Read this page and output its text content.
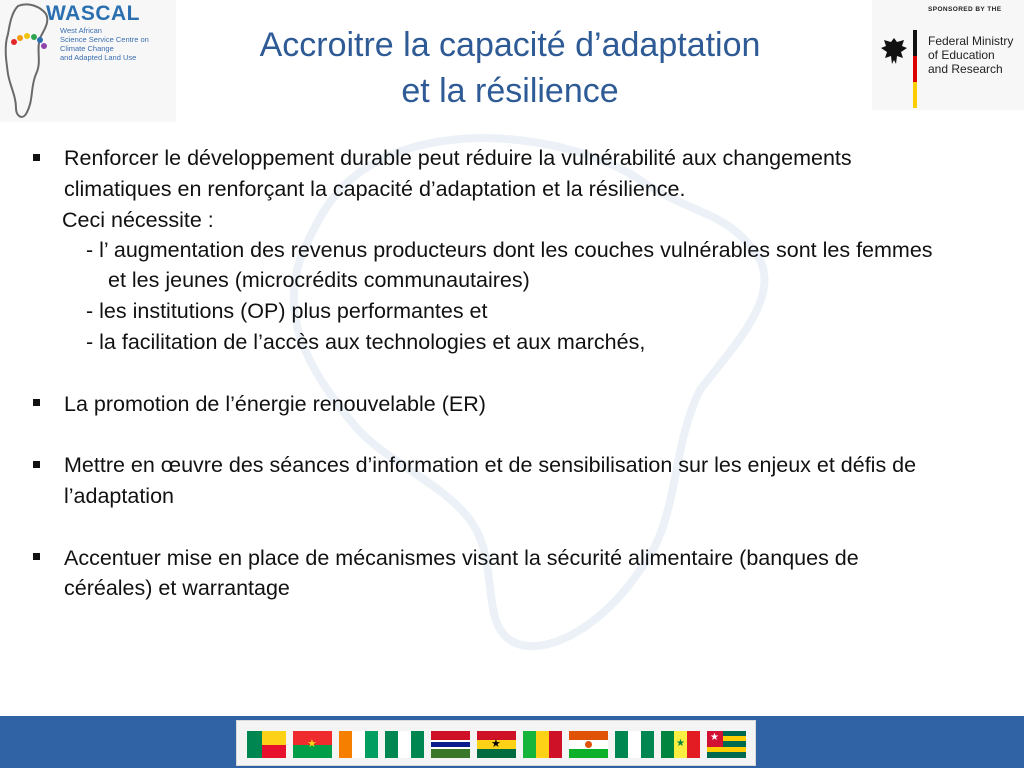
WASCAL
West African
Science Service Centre on
Climate Change
and Adapted Land Use
SPONSORED BY THE
Federal Ministry
of Education
and Research
Accroitre la capacité d’adaptation
et la résilience
Renforcer le développement durable peut réduire la vulnérabilité aux changements
climatiques en renforçant la capacité d’adaptation et la résilience.
Ceci nécessite :
- l’ augmentation des revenus producteurs dont les couches vulnérables sont les femmes
et les jeunes (microcrédits communautaires)
- les institutions (OP) plus performantes et
- la facilitation de l’accès aux technologies et aux marchés,
La promotion de l’énergie renouvelable (ER)
Mettre en œuvre des séances d’information et de sensibilisation sur les enjeux et défis de
l’adaptation
Accentuer mise en place de mécanismes visant la sécurité alimentaire (banques de
céréales) et warrantage
★	★	★
★
